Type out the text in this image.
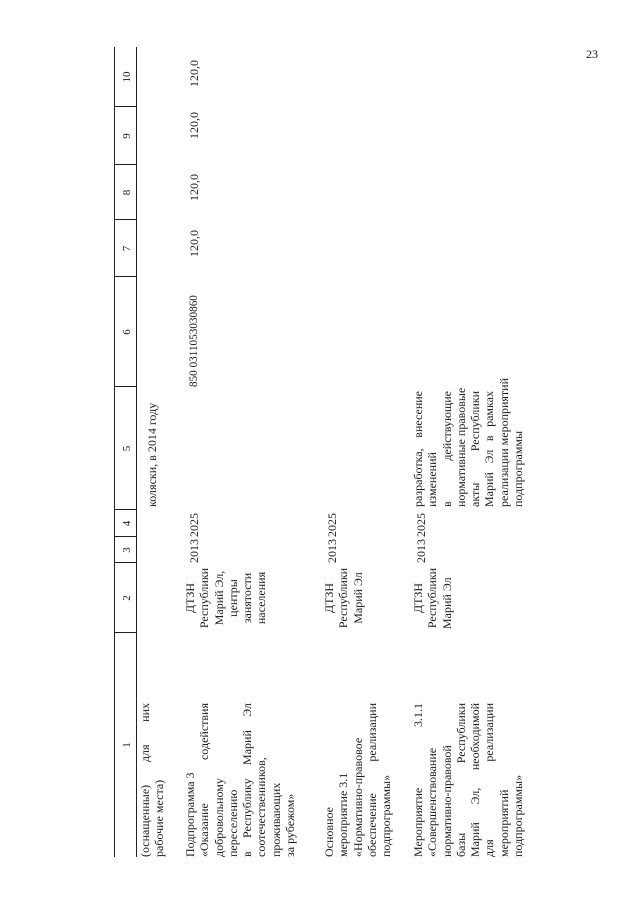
23
1
2
3
4
5
6
7
8
9
10
(оснащенные) для них рабочие места)
коляски, в 2014 году
Подпрограмма 3 «Оказание содействия добровольному переселению в Республику Марий Эл соотечественников, проживающих за рубежом»
ДТЗН Республики Марий Эл, центры занятости населения
2013
2025
850 0311053030860
120,0
120,0
120,0
120,0
Основное мероприятие 3.1 «Нормативно-правовое обеспечение реализации подпрограммы»
ДТЗН Республики Марий Эл
2013
2025
Мероприятие 3.1.1 «Совершенствование нормативно-правовой базы Республики Марий Эл, необходимой для реализации мероприятий подпрограммы»
ДТЗН Республики Марий Эл
2013
2025
разработка, внесение изменений в действующие нормативные правовые акты Республики Марий Эл в рамках реализации мероприятий подпрограммы
